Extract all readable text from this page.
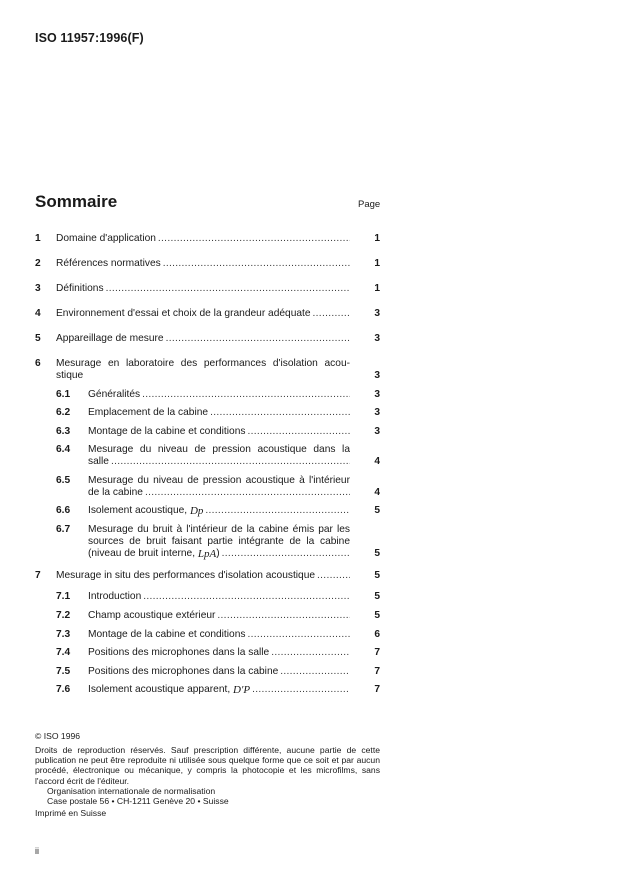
ISO 11957:1996(F)
Sommaire	Page
1 Domaine d'application .....	1
2 Références normatives .....	1
3 Définitions .....	1
4 Environnement d'essai et choix de la grandeur adéquate .....	3
5 Appareillage de mesure .....	3
6 Mesurage en laboratoire des performances d'isolation acou-
stique	3
6.1 Généralités .....	3
6.2 Emplacement de la cabine .....	3
6.3 Montage de la cabine et conditions .....	3
6.4 Mesurage du niveau de pression acoustique dans la
salle .....	4
6.5 Mesurage du niveau de pression acoustique à l'intérieur
de la cabine .....	4
6.6 Isolement acoustique,
D p .....	5
6.7 Mesurage du bruit à l'intérieur de la cabine émis par les
sources de bruit faisant partie intégrante de la cabine
(niveau de bruit interne,
L pA ) .....	5
7 Mesurage in situ des performances d'isolation acoustique .....	5
7.1 Introduction .....	5
7.2 Champ acoustique extérieur .....	5
7.3 Montage de la cabine et conditions .....	6
7.4 Positions des microphones dans la salle .....	7
7.5 Positions des microphones dans la cabine .....	7
7.6 Isolement acoustique apparent,
D′ P .....	7
© ISO 1996
Droits de reproduction réservés. Sauf prescription différente, aucune partie de cette publication ne peut être reproduite ni utilisée sous quelque forme que ce soit et par aucun procédé, électronique ou mécanique, y compris la photocopie et les microfilms, sans l'accord écrit de l'éditeur.
Organisation internationale de normalisation
Case postale 56 • CH-1211 Genève 20 • Suisse
Imprimé en Suisse
ii
